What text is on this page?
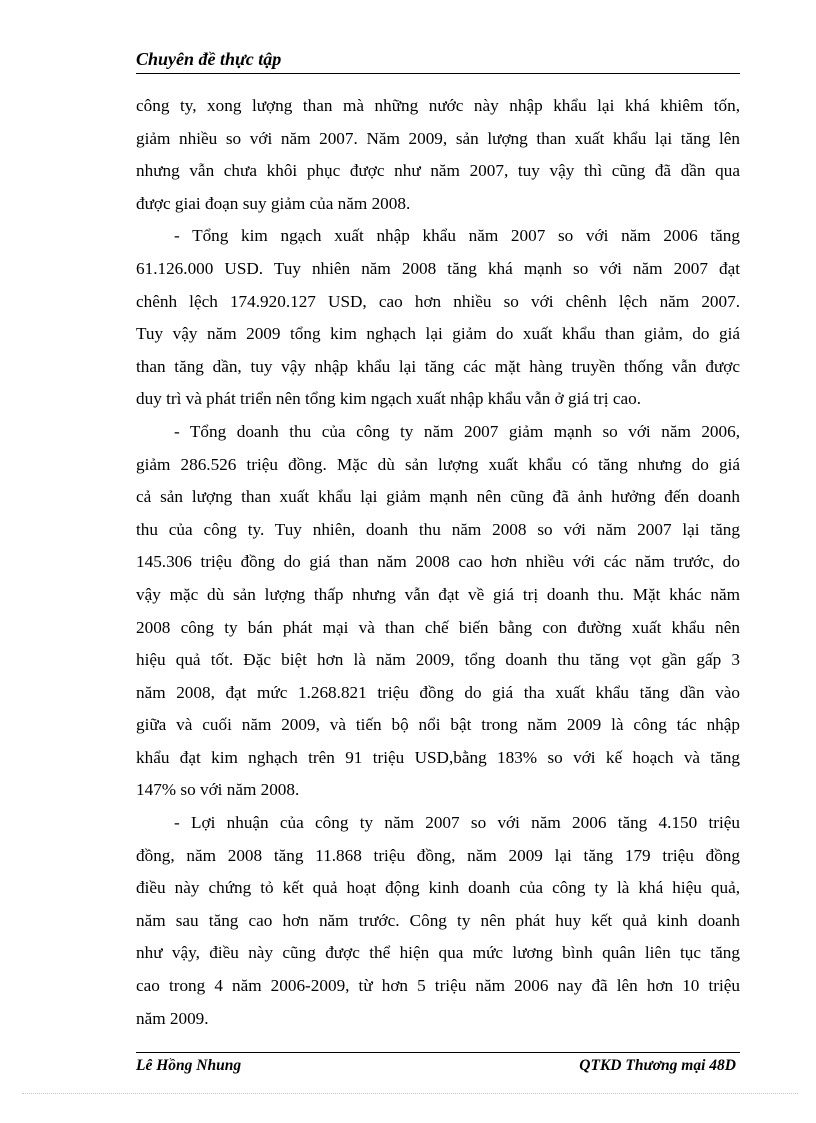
Chuyên đề thực tập
công ty, xong lượng than mà những nước này nhập khẩu lại khá khiêm tốn,
giảm nhiều so với năm 2007. Năm 2009, sản lượng than xuất khẩu lại tăng lên
nhưng vẫn chưa khôi phục được như năm 2007, tuy vậy thì cũng đã dần qua
được giai đoạn suy giảm của năm 2008.
- Tổng kim ngạch xuất nhập khẩu năm 2007 so với năm 2006 tăng
61.126.000 USD. Tuy nhiên năm 2008 tăng khá mạnh so với năm 2007 đạt
chênh lệch 174.920.127 USD, cao hơn nhiều so với chênh lệch năm 2007.
Tuy vậy năm 2009 tổng kim nghạch lại giảm do xuất khẩu than giảm, do giá
than tăng dần, tuy vậy nhập khẩu lại tăng các mặt hàng truyền thống vẫn được
duy trì và phát triển nên tổng kim ngạch xuất nhập khẩu vẫn ở giá trị cao.
- Tổng doanh thu của công ty năm 2007 giảm mạnh so với năm 2006,
giảm 286.526 triệu đồng. Mặc dù sản lượng xuất khẩu có tăng nhưng do giá
cả sản lượng than xuất khẩu lại giảm mạnh nên cũng đã ảnh hưởng đến doanh
thu của công ty. Tuy nhiên, doanh thu năm 2008 so với năm 2007 lại tăng
145.306 triệu đồng do giá than năm 2008 cao hơn nhiều với các năm trước, do
vậy mặc dù sản lượng thấp nhưng vẫn đạt về giá trị doanh thu. Mặt khác năm
2008 công ty bán phát mại và than chế biến bằng con đường xuất khẩu nên
hiệu quả tốt. Đặc biệt hơn là năm 2009, tổng doanh thu tăng vọt gần gấp 3
năm 2008, đạt mức 1.268.821 triệu đồng do giá tha xuất khẩu tăng dần vào
giữa và cuối năm 2009, và tiến bộ nổi bật trong năm 2009 là công tác nhập
khẩu đạt kim nghạch trên 91 triệu USD,bằng 183% so với kế hoạch và tăng
147% so với năm 2008.
- Lợi nhuận của công ty năm 2007 so với năm 2006 tăng 4.150 triệu
đồng, năm 2008 tăng 11.868 triệu đồng, năm 2009 lại tăng 179 triệu đồng
điều này chứng tỏ kết quả hoạt động kinh doanh của công ty là khá hiệu quả,
năm sau tăng cao hơn năm trước. Công ty nên phát huy kết quả kinh doanh
như vậy, điều này cũng được thể hiện qua mức lương bình quân liên tục tăng
cao trong 4 năm 2006-2009, từ hơn 5 triệu năm 2006 nay đã lên hơn 10 triệu
năm 2009.
Lê Hồng Nhung	QTKD Thương mại 48D
